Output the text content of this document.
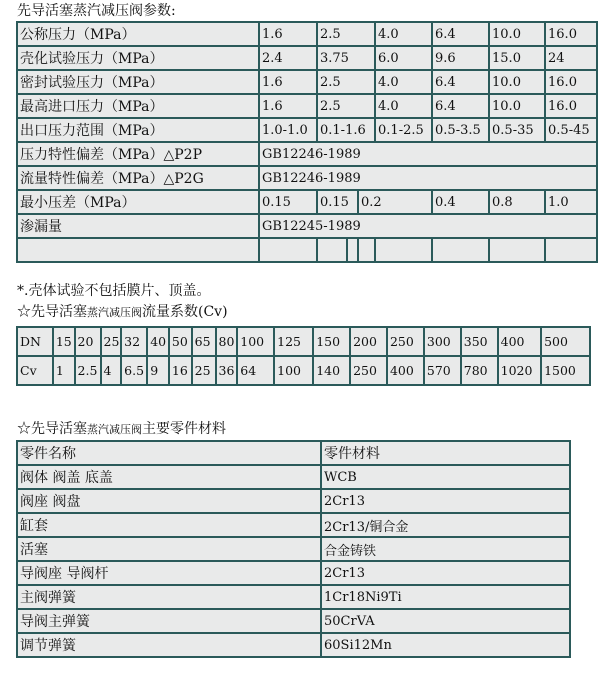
先导活塞蒸汽减压阀参数:
公称压力（MPa）	1.6	2.5			4.0	6.4	10.0	16.0
壳化试验压力（MPa）	2.4	3.75			6.0	9.6	15.0	24
密封试验压力（MPa）	1.6	2.5			4.0	6.4	10.0	16.0
最高进口压力（MPa）	1.6	2.5			4.0	6.4	10.0	16.0
出口压力范围（MPa）	1.0-1.0	0.1-1.6			0.1-2.5	0.5-3.5	0.5-35	0.5-45
压力特性偏差（MPa）△P2P	GB12246-1989							
流量特性偏差（MPa）△P2G	GB12246-1989							
最小压差（MPa）	0.15	0.15		0.2		0.4	0.8	1.0
渗漏量	GB12245-1989							

*.壳体试验不包括膜片、顶盖。
☆先导活塞蒸汽减压阀流量系数(Cv)
DN	15	20	25	32	40	50	65	80	100	125	150	200	250	300	350	400	500
Cv	1	2.5	4	6.5	9	16	25	36	64	100	140	250	400	570	780	1020	1500
☆先导活塞蒸汽减压阀主要零件材料
零件名称	零件材料
阀体 阀盖 底盖	WCB
阀座 阀盘	2Cr13
缸套	2Cr13/铜合金
活塞	合金铸铁
导阀座 导阀杆	2Cr13
主阀弹簧	1Cr18Ni9Ti
导阀主弹簧	50CrVA
调节弹簧	60Si12Mn
